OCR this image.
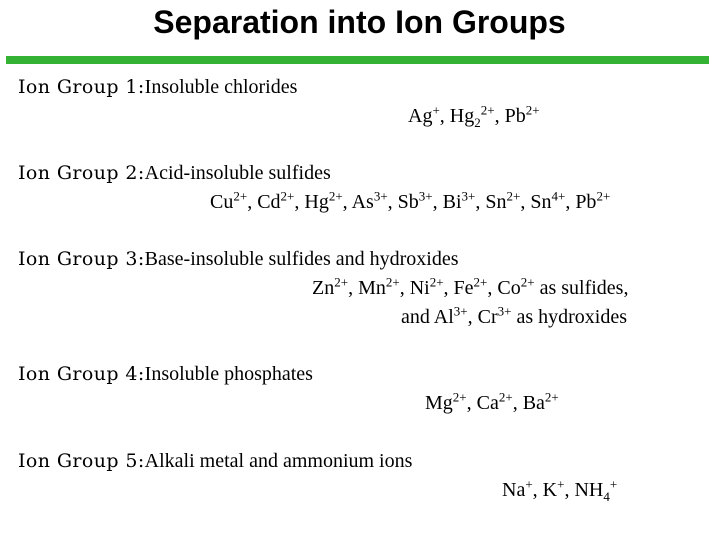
Separation into Ion Groups
Ion Group 1:Insoluble chlorides
Ag+, $Hg_2^{2+}$, $Pb^{2+}$
Ion Group 2:Acid-insoluble sulfides
$Cu^{2+}$, $Cd^{2+}$, $Hg^{2+}$, $As^{3+}$, $Sb^{3+}$, $Bi^{3+}$, $Sn^{2+}$, $Sn^{4+}$, $Pb^{2+}$
Ion Group 3:Base-insoluble sulfides and hydroxides
$Zn^{2+}$, $Mn^{2+}$, $Ni^{2+}$, $Fe^{2+}$, $Co^{2+}$ as sulfides,
and $Al^{3+}$, $Cr^{3+}$ as hydroxides
Ion Group 4:Insoluble phosphates
$Mg^{2+}$, $Ca^{2+}$, $Ba^{2+}$
Ion Group 5:Alkali metal and ammonium ions
Na+, K+, $NH_4^+$
